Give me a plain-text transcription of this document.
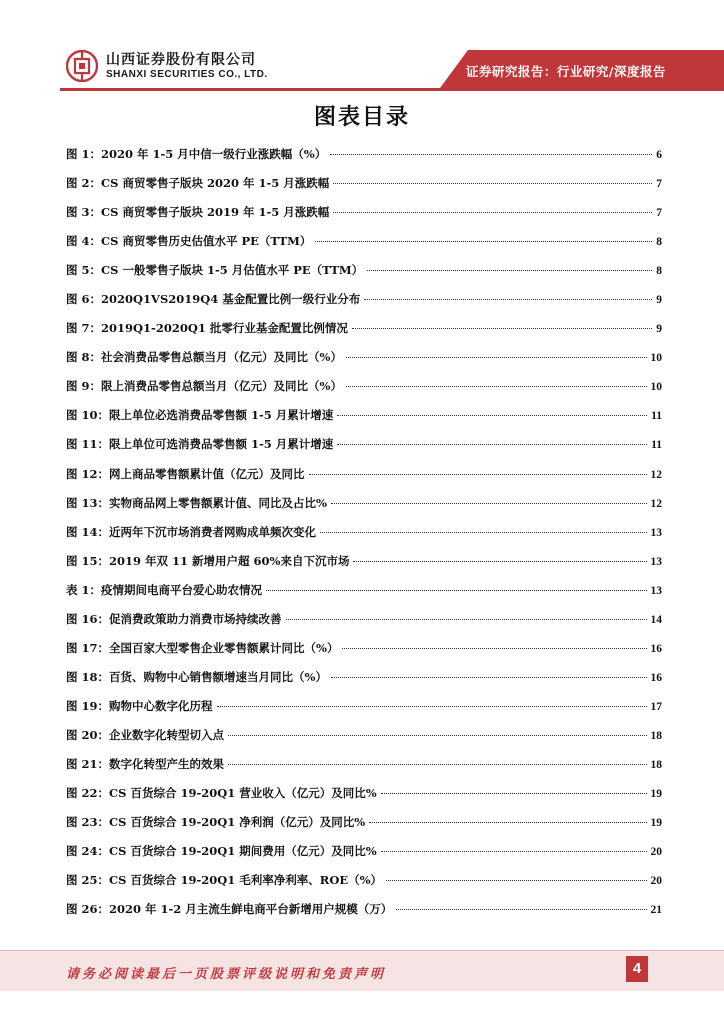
山西证券股份有限公司
SHANXI SECURITIES CO., LTD.	证券研究报告：行业研究/深度报告
图表目录
图 1： 2020 年 1-5 月中信一级行业涨跌幅（%）	6
图 2： CS 商贸零售子版块 2020 年 1-5 月涨跌幅	7
图 3： CS 商贸零售子版块 2019 年 1-5 月涨跌幅	7
图 4： CS 商贸零售历史估值水平 PE（TTM）	8
图 5： CS 一般零售子版块 1-5 月估值水平 PE（TTM）	8
图 6： 2020Q1VS2019Q4 基金配置比例一级行业分布	9
图 7： 2019Q1-2020Q1 批零行业基金配置比例情况	9
图 8： 社会消费品零售总额当月（亿元）及同比（%）	10
图 9： 限上消费品零售总额当月（亿元）及同比（%）	10
图 10： 限上单位必选消费品零售额 1-5 月累计增速	11
图 11： 限上单位可选消费品零售额 1-5 月累计增速	11
图 12： 网上商品零售额累计值（亿元）及同比	12
图 13： 实物商品网上零售额累计值、同比及占比%	12
图 14： 近两年下沉市场消费者网购成单频次变化	13
图 15： 2019 年双 11 新增用户超 60%来自下沉市场	13
表 1： 疫情期间电商平台爱心助农情况	13
图 16： 促消费政策助力消费市场持续改善	14
图 17： 全国百家大型零售企业零售额累计同比（%）	16
图 18： 百货、购物中心销售额增速当月同比（%）	16
图 19： 购物中心数字化历程	17
图 20： 企业数字化转型切入点	18
图 21： 数字化转型产生的效果	18
图 22： CS 百货综合 19-20Q1 营业收入（亿元）及同比%	19
图 23： CS 百货综合 19-20Q1 净利润（亿元）及同比%	19
图 24： CS 百货综合 19-20Q1 期间费用（亿元）及同比%	20
图 25： CS 百货综合 19-20Q1 毛利率净利率、ROE（%）	20
图 26： 2020 年 1-2 月主流生鲜电商平台新增用户规模（万）	21
请务必阅读最后一页股票评级说明和免责声明	4
